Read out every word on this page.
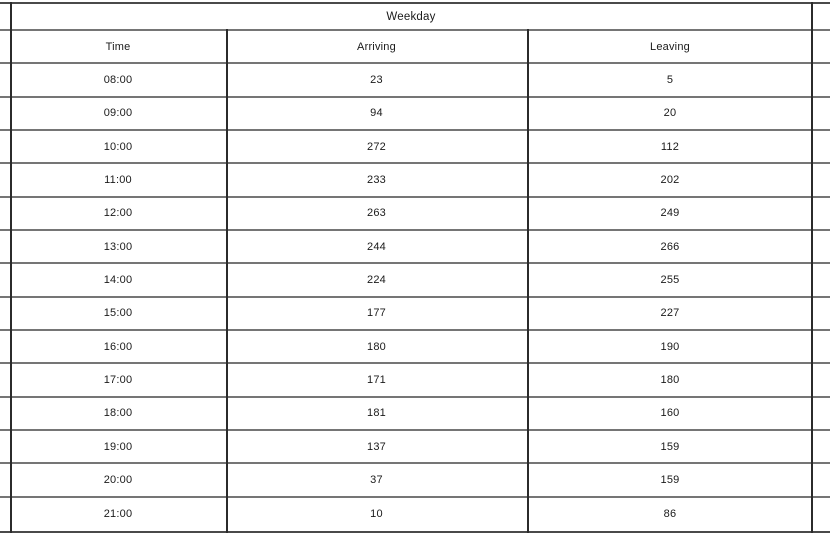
Weekday
Time	Arriving	Leaving
08:00	23	5
09:00	94	20
10:00	272	112
11:00	233	202
12:00	263	249
13:00	244	266
14:00	224	255
15:00	177	227
16:00	180	190
17:00	171	180
18:00	181	160
19:00	137	159
20:00	37	159
21:00	10	86
